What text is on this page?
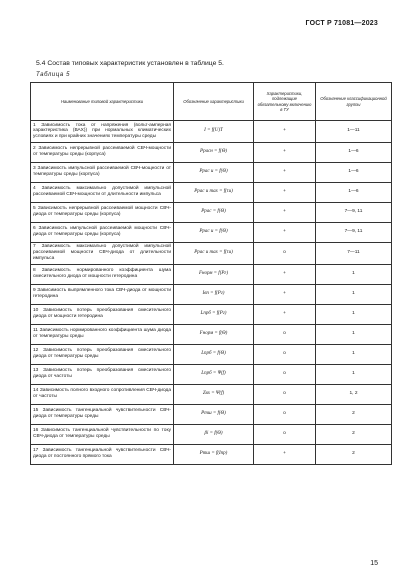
ГОСТ Р 71081—2023
5.4 Состав типовых характеристик установлен в таблице 5.
Таблица 5
Наименование типовой характеристики	Обозначение характеристики	Характеристики, подлежащие обязательному включению в ТУ	Обозначение классификационной группы
1 Зависимость тока от напряжения (вольт-амперная характеристика (ВАХ)) при нормальных климатических условиях и при крайних значениях температуры среды	I = f(U)T	+	1—11
2 Зависимость непрерывной рассеиваемой СВЧ-мощности от температуры среды (корпуса)	Pрасн = f(Θ)	+	1—6
3 Зависимость импульсной рассеиваемой СВЧ-мощности от температуры среды (корпуса)	Pрас и = f(Θ)	+	1—6
4 Зависимость максимально допустимой импульсной рассеиваемой СВЧ-мощности от длительности импульса	Pрас и max = f(τи)	+	1—6
5 Зависимость непрерывной рассеиваемой мощности СВЧ-диода от температуры среды (корпуса)	Pрас = f(Θ)	+	7—9, 11
6 Зависимость импульсной рассеиваемой мощности СВЧ-диода от температуры среды (корпуса)	Pрас и = f(Θ)	+	7—9, 11
7 Зависимость максимально допустимой импульсной рассеиваемой мощности СВЧ-диода от длительности импульса	Pрас и max = f(τи)	o	7—11
8 Зависимость нормированного коэффициента шума смесительного диода от мощности гетеродина	Fнорм = f(Pг)	+	1
9 Зависимость выпрямленного тока СВЧ-диода от мощности гетеродина	Iвп = f(Pг)	+	1
10 Зависимость потерь преобразования смесительного диода от мощности гетеродина	Lпрб = f(Pг)	+	1
11 Зависимость нормированного коэффициента шума диода от температуры среды	Fнорм = f(Θ)	o	1
12 Зависимость потерь преобразования смесительного диода от температуры среды	Lпрб = f(Θ)	o	1
13 Зависимость потерь преобразования смесительного диода от частоты	Lпрб = Ψ(f)	o	1
14 Зависимость полного входного сопротивления СВЧ-диода от частоты	Zвх = Ψ(f)	o	1, 2
15 Зависимость тангенциальной чувствительности СВЧ-диода от температуры среды	Pтш = f(Θ)	o	2
16 Зависимость тангенциальной чувствительности по току СВЧ-диода от температуры среды	βi = f(Θ)	o	2
17 Зависимость тангенциальной чувствительности СВЧ-диода от постоянного прямого тока	Pтш = f(Iпр)	+	2
15
